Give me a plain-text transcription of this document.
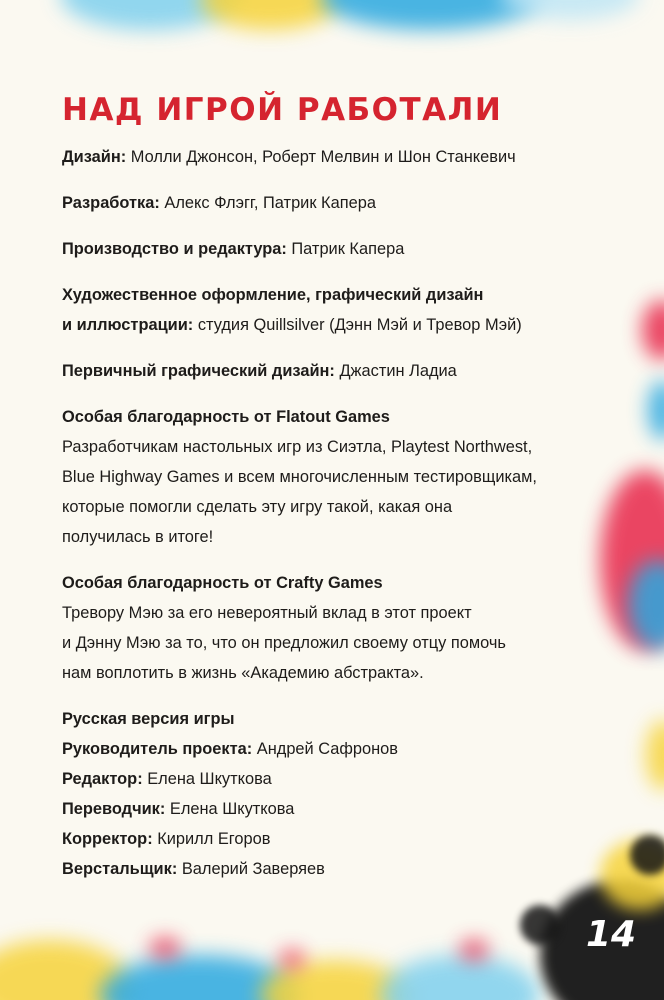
НАД ИГРОЙ РАБОТАЛИ
Дизайн: Молли Джонсон, Роберт Мелвин и Шон Станкевич
Разработка: Алекс Флэгг, Патрик Капера
Производство и редактура: Патрик Капера
Художественное оформление, графический дизайн
и иллюстрации: студия Quillsilver (Дэнн Мэй и Тревор Мэй)
Первичный графический дизайн: Джастин Ладиа
Особая благодарность от Flatout Games
Разработчикам настольных игр из Сиэтла, Playtest Northwest,
Blue Highway Games и всем многочисленным тестировщикам,
которые помогли сделать эту игру такой, какая она
получилась в итоге!
Особая благодарность от Crafty Games
Тревору Мэю за его невероятный вклад в этот проект
и Дэнну Мэю за то, что он предложил своему отцу помочь
нам воплотить в жизнь «Академию абстракта».
Русская версия игры
Руководитель проекта: Андрей Сафронов
Редактор: Елена Шкуткова
Переводчик: Елена Шкуткова
Корректор: Кирилл Егоров
Верстальщик: Валерий Заверяев
14
